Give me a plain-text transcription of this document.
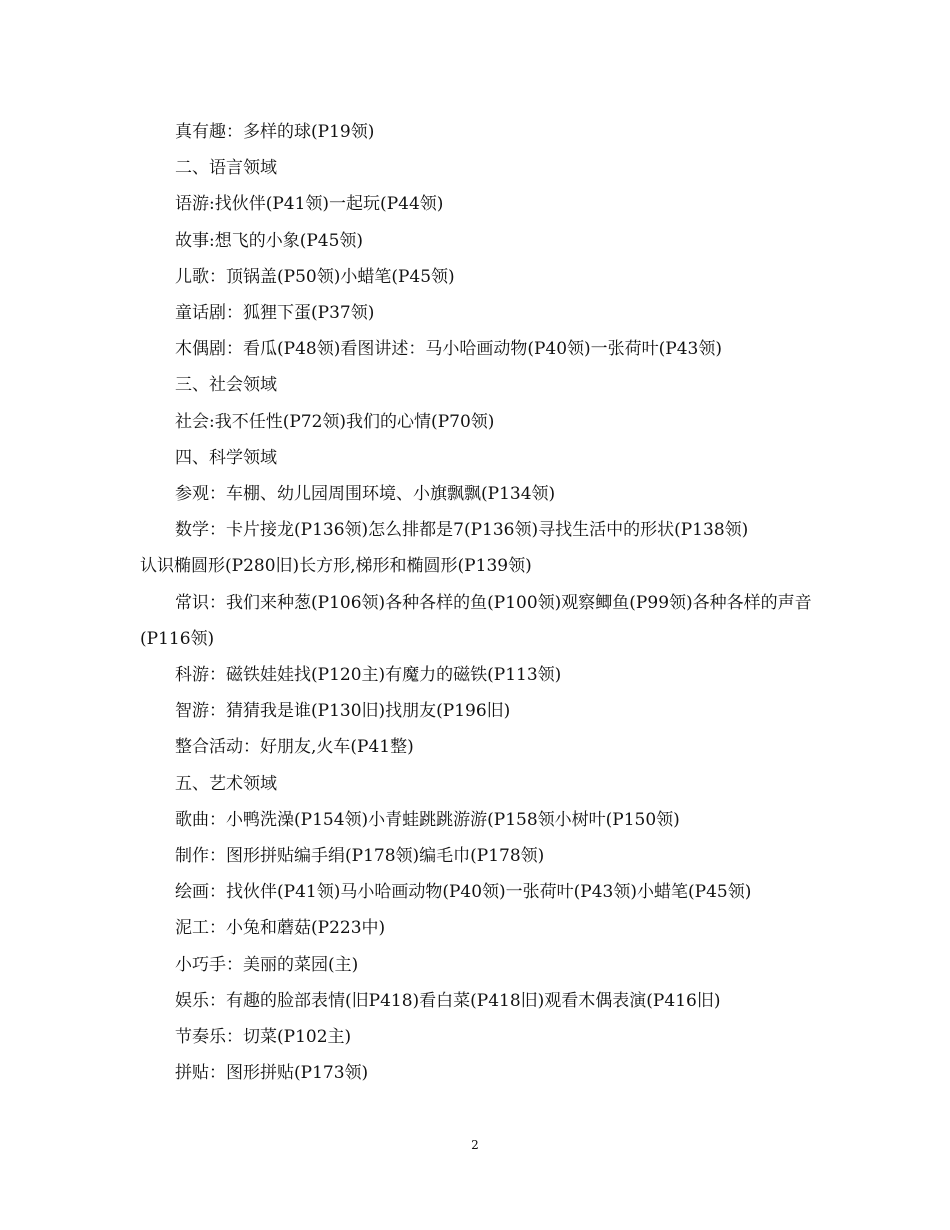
真有趣：多样的球(P19领)
二、语言领域
语游:找伙伴(P41领)一起玩(P44领)
故事:想飞的小象(P45领)
儿歌：顶锅盖(P50领)小蜡笔(P45领)
童话剧：狐狸下蛋(P37领)
木偶剧：看瓜(P48领)看图讲述：马小哈画动物(P40领)一张荷叶(P43领)
三、社会领域
社会:我不任性(P72领)我们的心情(P70领)
四、科学领域
参观：车棚、幼儿园周围环境、小旗飘飘(P134领)
数学：卡片接龙(P136领)怎么排都是7(P136领)寻找生活中的形状(P138领)
认识椭圆形(P280旧)长方形,梯形和椭圆形(P139领)
常识：我们来种葱(P106领)各种各样的鱼(P100领)观察鲫鱼(P99领)各种各样的声音(P116领)
科游：磁铁娃娃找(P120主)有魔力的磁铁(P113领)
智游：猜猜我是谁(P130旧)找朋友(P196旧)
整合活动：好朋友,火车(P41整)
五、艺术领域
歌曲：小鸭洗澡(P154领)小青蛙跳跳游游(P158领小树叶(P150领)
制作：图形拼贴编手绢(P178领)编毛巾(P178领)
绘画：找伙伴(P41领)马小哈画动物(P40领)一张荷叶(P43领)小蜡笔(P45领)
泥工：小兔和蘑菇(P223中)
小巧手：美丽的菜园(主)
娱乐：有趣的脸部表情(旧P418)看白菜(P418旧)观看木偶表演(P416旧)
节奏乐：切菜(P102主)
拼贴：图形拼贴(P173领)
2
